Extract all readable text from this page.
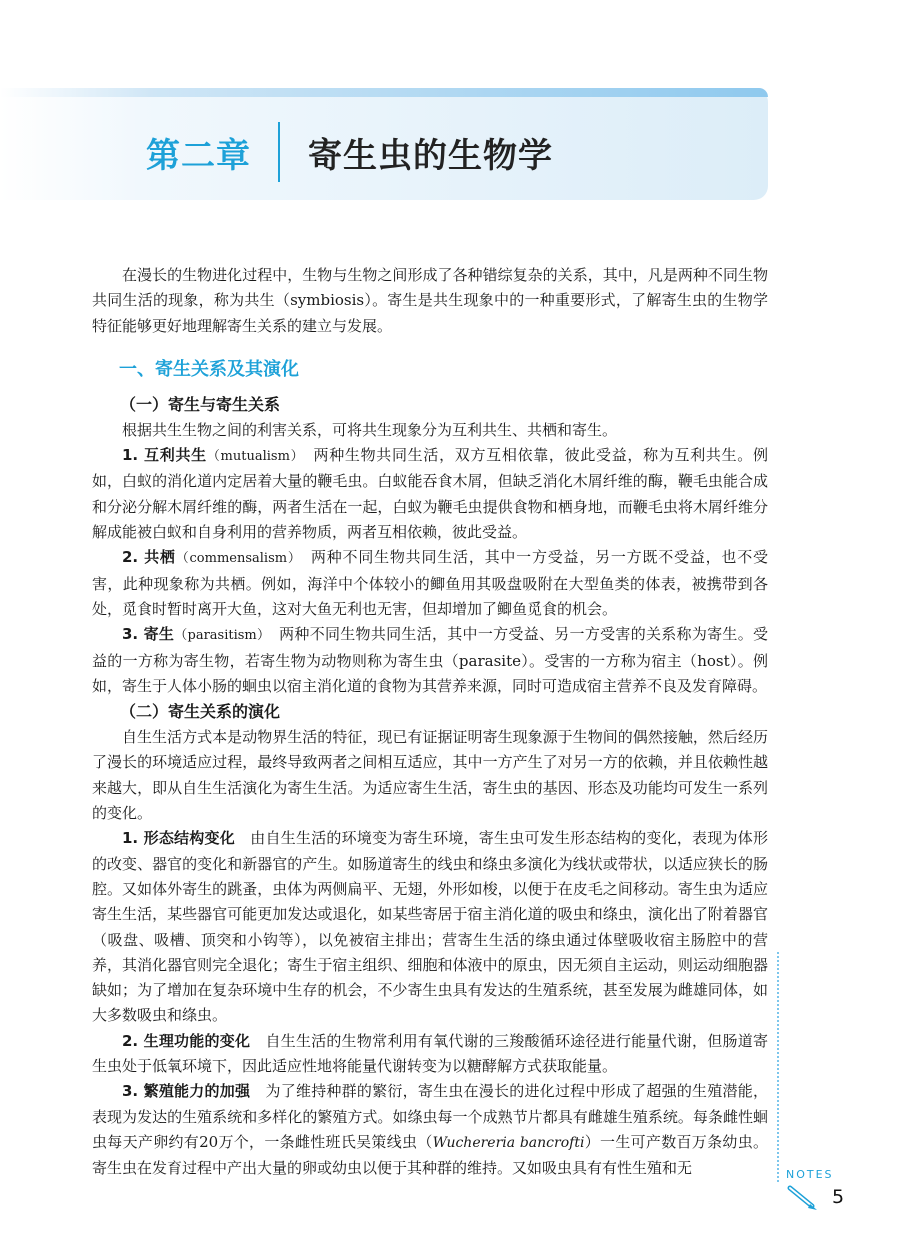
第二章 寄生虫的生物学

在漫长的生物进化过程中，生物与生物之间形成了各种错综复杂的关系，其中，凡是两种不同生物共同生活的现象，称为共生（symbiosis）。寄生是共生现象中的一种重要形式，了解寄生虫的生物学特征能够更好地理解寄生关系的建立与发展。

一、寄生关系及其演化
（一）寄生与寄生关系

根据共生生物之间的利害关系，可将共生现象分为互利共生、共栖和寄生。

1. 互利共生（mutualism）　 两种生物共同生活，双方互相依靠，彼此受益，称为互利共生。例如，白蚁的消化道内定居着大量的鞭毛虫。白蚁能吞食木屑，但缺乏消化木屑纤维的酶，鞭毛虫能合成和分泌分解木屑纤维的酶，两者生活在一起，白蚁为鞭毛虫提供食物和栖身地，而鞭毛虫将木屑纤维分解成能被白蚁和自身利用的营养物质，两者互相依赖，彼此受益。

2. 共栖（commensalism）　 两种不同生物共同生活，其中一方受益，另一方既不受益，也不受害，此种现象称为共栖。例如，海洋中个体较小的鲫鱼用其吸盘吸附在大型鱼类的体表，被携带到各处，觅食时暂时离开大鱼，这对大鱼无利也无害，但却增加了鲫鱼觅食的机会。

3. 寄生（parasitism）　 两种不同生物共同生活，其中一方受益、另一方受害的关系称为寄生。受益的一方称为寄生物，若寄生物为动物则称为寄生虫（parasite）。受害的一方称为宿主（host）。例如，寄生于人体小肠的蛔虫以宿主消化道的食物为其营养来源，同时可造成宿主营养不良及发育障碍。

（二）寄生关系的演化

自生生活方式本是动物界生活的特征，现已有证据证明寄生现象源于生物间的偶然接触，然后经历了漫长的环境适应过程，最终导致两者之间相互适应，其中一方产生了对另一方的依赖，并且依赖性越来越大，即从自生生活演化为寄生生活。为适应寄生生活，寄生虫的基因、形态及功能均可发生一系列的变化。

1. 形态结构变化　 由自生生活的环境变为寄生环境，寄生虫可发生形态结构的变化，表现为体形的改变、器官的变化和新器官的产生。如肠道寄生的线虫和绦虫多演化为线状或带状，以适应狭长的肠腔。又如体外寄生的跳蚤，虫体为两侧扁平、无翅，外形如梭，以便于在皮毛之间移动。寄生虫为适应寄生生活，某些器官可能更加发达或退化，如某些寄居于宿主消化道的吸虫和绦虫，演化出了附着器官（吸盘、吸槽、顶突和小钩等），以免被宿主排出；营寄生生活的绦虫通过体壁吸收宿主肠腔中的营养，其消化器官则完全退化；寄生于宿主组织、细胞和体液中的原虫，因无须自主运动，则运动细胞器缺如；为了增加在复杂环境中生存的机会，不少寄生虫具有发达的生殖系统，甚至发展为雌雄同体，如大多数吸虫和绦虫。

2. 生理功能的变化　 自生生活的生物常利用有氧代谢的三羧酸循环途径进行能量代谢，但肠道寄生虫处于低氧环境下，因此适应性地将能量代谢转变为以糖酵解方式获取能量。

3. 繁殖能力的加强　 为了维持种群的繁衍，寄生虫在漫长的进化过程中形成了超强的生殖潜能，表现为发达的生殖系统和多样化的繁殖方式。如绦虫每一个成熟节片都具有雌雄生殖系统。每条雌性蛔虫每天产卵约有20万个，一条雌性班氏吴策线虫（Wuchereria bancrofti）一生可产数百万条幼虫。寄生虫在发育过程中产出大量的卵或幼虫以便于其种群的维持。又如吸虫具有有性生殖和无	NOTES
5
